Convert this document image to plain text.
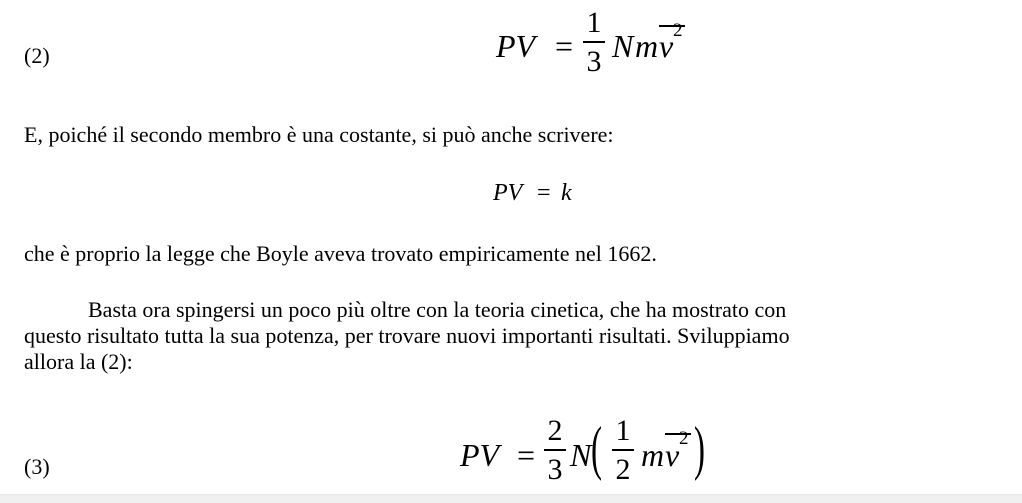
(2)	PV =
1
3 N m v 2
E, poiché il secondo membro è una costante, si può anche scrivere:
PV = k
che è proprio la legge che Boyle aveva trovato empiricamente nel 1662.
Basta ora spingersi un poco più oltre con la teoria cinetica, che ha mostrato con
questo risultato tutta la sua potenza, per trovare nuovi importanti risultati. Sviluppiamo
allora la (2):
(3)	PV =
2
3 N ( 1
2 m v 2 )
